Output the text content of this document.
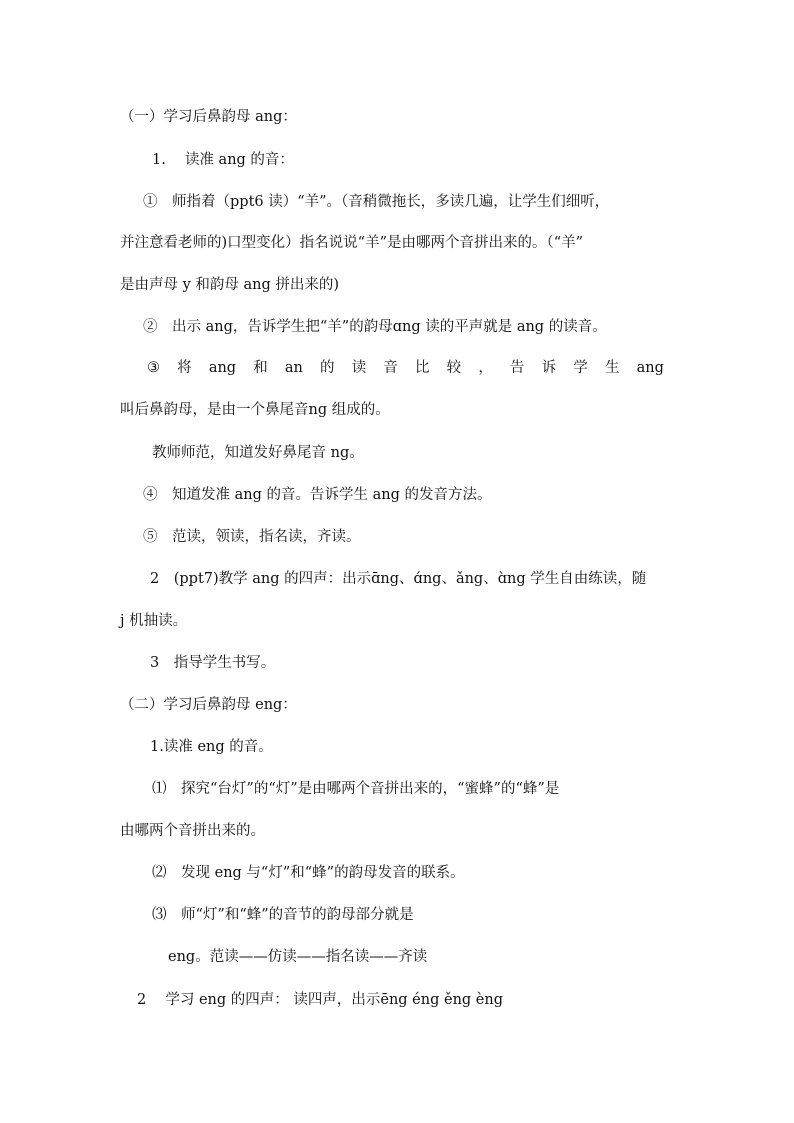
（一）学习后鼻韵母 ang：
1.　 读准 ang 的音：
①　师指着（ppt6 读）“羊”。（音稍微拖长，多读几遍，让学生们细听，
并注意看老师的)口型变化）指名说说“羊”是由哪两个音拼出来的。（“羊”
是由声母 y 和韵母 ang 拼出来的)
②　出示 ang，告诉学生把“羊”的韵母ɑng 读的平声就是 ang 的读音。
③ 将 ang 和 an 的 读 音 比 较 ， 告 诉 学 生 ang
叫后鼻韵母，是由一个鼻尾音ng 组成的。
教师师范，知道发好鼻尾音 ng。
④　知道发准 ang 的音。告诉学生 ang 的发音方法。
⑤　范读，领读，指名读，齐读。
2　(ppt7)教学 ang 的四声：出示ɑ̄ng、ɑ́ng、ǎng、ɑ̀ng 学生自由练读，随
j 机抽读。
3　指导学生书写。
（二）学习后鼻韵母 eng：
1.读准 eng 的音。
⑴　探究“台灯”的“灯”是由哪两个音拼出来的，“蜜蜂”的“蜂”是
由哪两个音拼出来的。
⑵　发现 eng 与“灯”和“蜂”的韵母发音的联系。
⑶　师“灯”和“蜂”的音节的韵母部分就是
eng。范读——仿读——指名读——齐读
2　 学习 eng 的四声： 读四声，出示ēng éng ěng èng
